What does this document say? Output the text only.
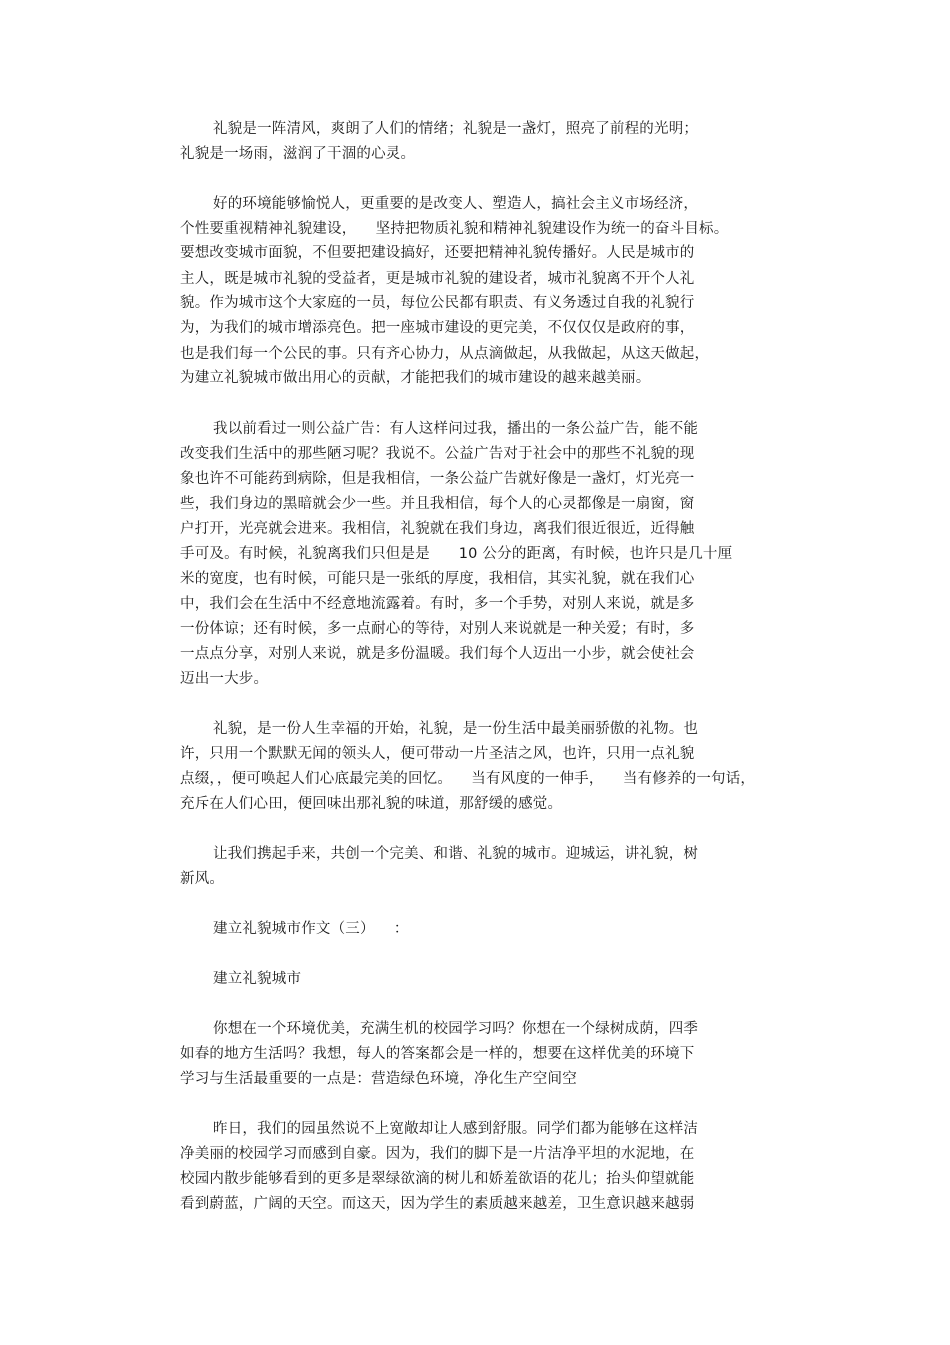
礼貌是一阵清风，爽朗了人们的情绪；礼貌是一盏灯，照亮了前程的光明；
礼貌是一场雨，滋润了干涸的心灵。
好的环境能够愉悦人，更重要的是改变人、塑造人，搞社会主义市场经济，
个性要重视精神礼貌建设，    坚持把物质礼貌和精神礼貌建设作为统一的奋斗目标。
要想改变城市面貌，不但要把建设搞好，还要把精神礼貌传播好。人民是城市的
主人，既是城市礼貌的受益者，更是城市礼貌的建设者，城市礼貌离不开个人礼
貌。作为城市这个大家庭的一员，每位公民都有职责、有义务透过自我的礼貌行
为，为我们的城市增添亮色。把一座城市建设的更完美，不仅仅仅是政府的事，
也是我们每一个公民的事。只有齐心协力，从点滴做起，从我做起，从这天做起，
为建立礼貌城市做出用心的贡献，才能把我们的城市建设的越来越美丽。
我以前看过一则公益广告：有人这样问过我，播出的一条公益广告，能不能
改变我们生活中的那些陋习呢？我说不。公益广告对于社会中的那些不礼貌的现
象也许不可能药到病除，但是我相信，一条公益广告就好像是一盏灯，灯光亮一
些，我们身边的黑暗就会少一些。并且我相信，每个人的心灵都像是一扇窗，窗
户打开，光亮就会进来。我相信，礼貌就在我们身边，离我们很近很近，近得触
手可及。有时候，礼貌离我们只但是是      10 公分的距离，有时候，也许只是几十厘
米的宽度，也有时候，可能只是一张纸的厚度，我相信，其实礼貌，就在我们心
中，我们会在生活中不经意地流露着。有时，多一个手势，对别人来说，就是多
一份体谅；还有时候，多一点耐心的等待，对别人来说就是一种关爱；有时，多
一点点分享，对别人来说，就是多份温暖。我们每个人迈出一小步，就会使社会
迈出一大步。
礼貌，是一份人生幸福的开始，礼貌，是一份生活中最美丽骄傲的礼物。也
许，只用一个默默无闻的领头人，便可带动一片圣洁之风，也许，只用一点礼貌
点缀，，便可唤起人们心底最完美的回忆。    当有风度的一伸手，    当有修养的一句话，
充斥在人们心田，便回味出那礼貌的味道，那舒缓的感觉。
让我们携起手来，共创一个完美、和谐、礼貌的城市。迎城运，讲礼貌，树
新风。
建立礼貌城市作文（三）    ：
建立礼貌城市
你想在一个环境优美，充满生机的校园学习吗？你想在一个绿树成荫，四季
如春的地方生活吗？我想，每人的答案都会是一样的，想要在这样优美的环境下
学习与生活最重要的一点是：营造绿色环境，净化生产空间空
昨日，我们的园虽然说不上宽敞却让人感到舒服。同学们都为能够在这样洁
净美丽的校园学习而感到自豪。因为，我们的脚下是一片洁净平坦的水泥地，在
校园内散步能够看到的更多是翠绿欲滴的树儿和娇羞欲语的花儿；抬头仰望就能
看到蔚蓝，广阔的天空。而这天，因为学生的素质越来越差，卫生意识越来越弱
